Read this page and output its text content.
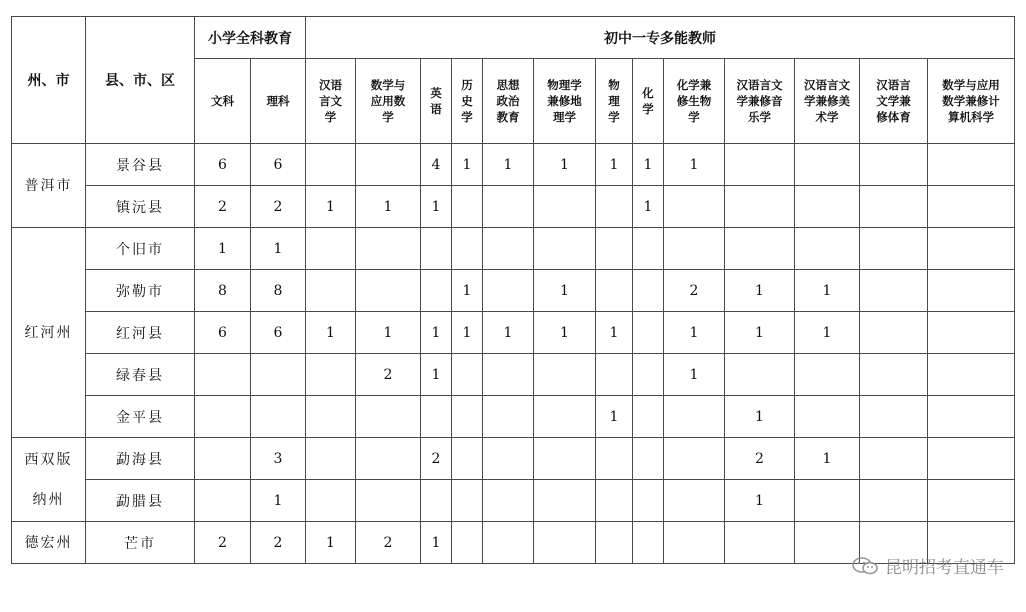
州、市	县、市、区	小学全科教育		初中一专多能教师												
		文科	理科	汉语
言文
学	数学与
应用数
学	英
语	历
史
学	思想
政治
教育	物理学
兼修地
理学	物
理
学	化
学	化学兼
修生物
学	汉语言文
学兼修音
乐学	汉语言文
学兼修美
术学	汉语言
文学兼
修体育	数学与应用
数学兼修计
算机科学

普洱市	景谷县	6	6			4	1	1	1	1	1	1				
	镇沅县	2	2	1	1	1					1					

红河州	个旧市	1	1													
	弥勒市	8	8				1		1			2	1	1		
	红河县	6	6	1	1	1	1	1	1	1		1	1	1		
	绿春县				2	1						1				
	金平县									1			1			

西双版
纳州	勐海县		3			2							2	1		
	勐腊县		1										1			

德宏州	芒市	2	2	1	2	1										
昆明招考直通车
